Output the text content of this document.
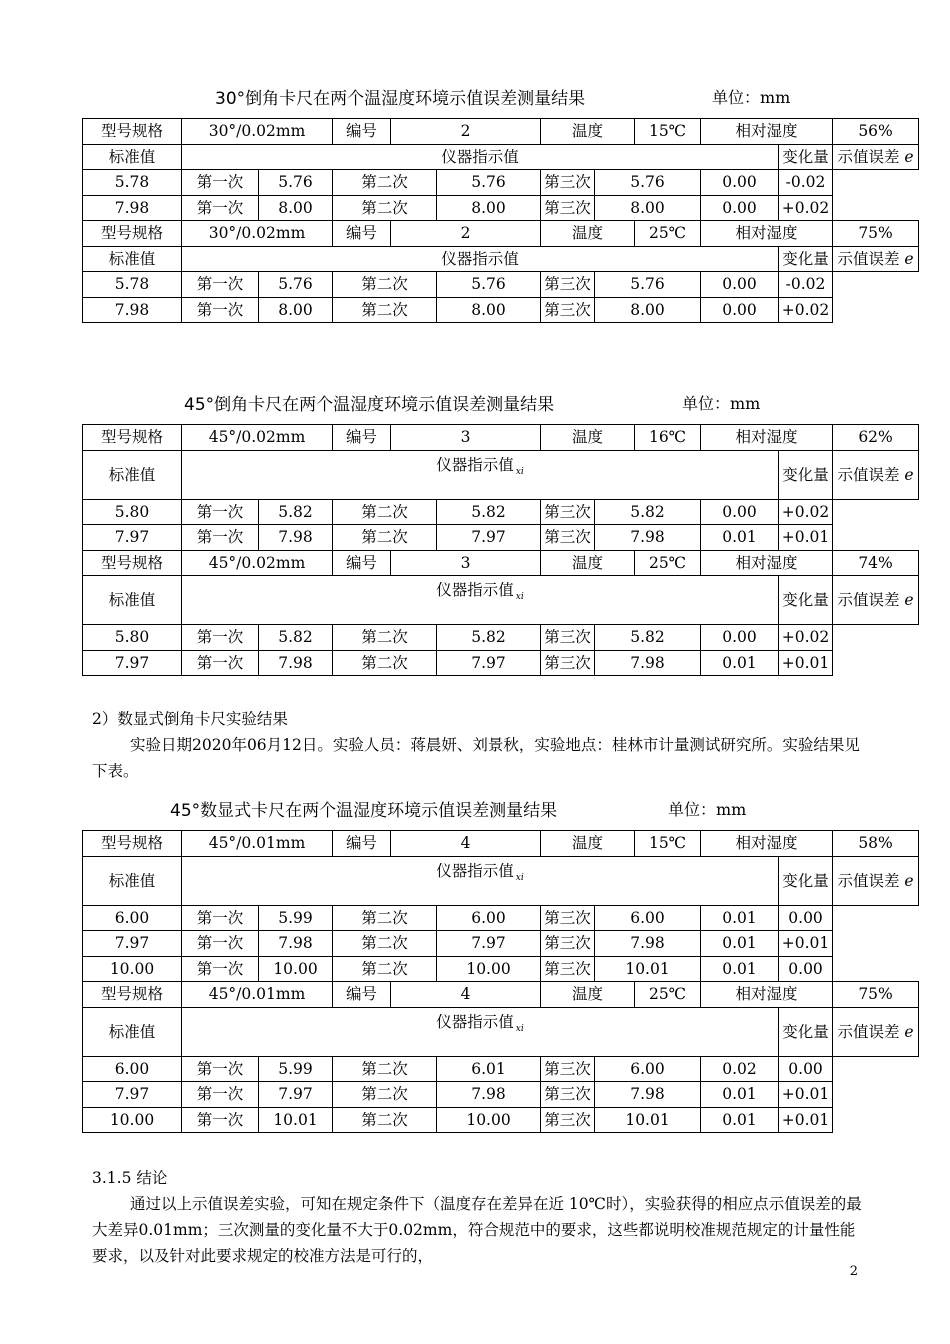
30°倒角卡尺在两个温湿度环境示值误差测量结果	单位：mm
型号规格	30°/0.02mm		编号	2		温度		15℃	相对湿度		56%
标准值	仪器指示值									变化量	示值误差 e
5.78	第一次	5.76	第二次		5.76	第三次	5.76		0.00	-0.02	
7.98	第一次	8.00	第二次		8.00	第三次	8.00		0.00	+0.02	
型号规格	30°/0.02mm		编号	2		温度		25℃	相对湿度		75%
标准值	仪器指示值									变化量	示值误差 e
5.78	第一次	5.76	第二次		5.76	第三次	5.76		0.00	-0.02	
7.98	第一次	8.00	第二次		8.00	第三次	8.00		0.00	+0.02	
45°倒角卡尺在两个温湿度环境示值误差测量结果	单位：mm
型号规格	45°/0.02mm		编号	3		温度		16℃	相对湿度		62%
标准值	仪器指示值 $_{xi}$									变化量	示值误差 e
5.80	第一次	5.82	第二次		5.82	第三次	5.82		0.00	+0.02	
7.97	第一次	7.98	第二次		7.97	第三次	7.98		0.01	+0.01	
型号规格	45°/0.02mm		编号	3		温度		25℃	相对湿度		74%
标准值	仪器指示值 $_{xi}$									变化量	示值误差 e
5.80	第一次	5.82	第二次		5.82	第三次	5.82		0.00	+0.02	
7.97	第一次	7.98	第二次		7.97	第三次	7.98		0.01	+0.01	
45°数显式卡尺在两个温湿度环境示值误差测量结果	单位：mm
型号规格	45°/0.01mm		编号	4		温度		15℃	相对湿度		58%
标准值	仪器指示值 $_{xi}$									变化量	示值误差 e
6.00	第一次	5.99	第二次		6.00	第三次	6.00		0.01	0.00	
7.97	第一次	7.98	第二次		7.97	第三次	7.98		0.01	+0.01	
10.00	第一次	10.00	第二次		10.00	第三次	10.01		0.01	0.00	
型号规格	45°/0.01mm		编号	4		温度		25℃	相对湿度		75%
标准值	仪器指示值 $_{xi}$									变化量	示值误差 e
6.00	第一次	5.99	第二次		6.01	第三次	6.00		0.02	0.00	
7.97	第一次	7.97	第二次		7.98	第三次	7.98		0.01	+0.01	
10.00	第一次	10.01	第二次		10.00	第三次	10.01		0.01	+0.01	
2）数显式倒角卡尺实验结果
实验日期2020年06月12日。实验人员：蒋晨妍、刘景秋，实验地点：桂林市计量测试研究所。实验结果见下表。
3.1.5 结论
通过以上示值误差实验，可知在规定条件下（温度存在差异在近 10℃时），实验获得的相应点示值误差的最大差异0.01mm；三次测量的变化量不大于0.02mm，符合规范中的要求，这些都说明校准规范规定的计量性能要求，以及针对此要求规定的校准方法是可行的，
2
